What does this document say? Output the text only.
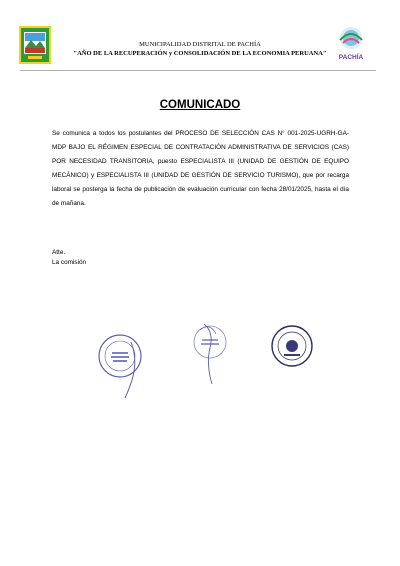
MUNICIPALIDAD DISTRITAL DE PACHÍA
"AÑO DE LA RECUPERACIÓN y CONSOLIDACIÓN DE LA ECONOMIA PERUANA"
PACHÍA
COMUNICADO
Se comunica a todos los postulantes del PROCESO DE SELECCIÓN CAS N° 001-2025-UGRH-GA-MDP BAJO EL RÉGIMEN ESPECIAL DE CONTRATACIÓN ADMINISTRATIVA DE SERVICIOS (CAS) POR NECESIDAD TRANSITORIA, puesto ESPECIALISTA III (UNIDAD DE GESTIÓN DE EQUIPO MECÁNICO) y ESPECIALISTA III (UNIDAD DE GESTIÓN DE SERVICIO TURISMO), que por recarga laboral se posterga la fecha de publicación de evaluación curricular con fecha 28/01/2025, hasta el día de mañana.
Atte.
La comisión
